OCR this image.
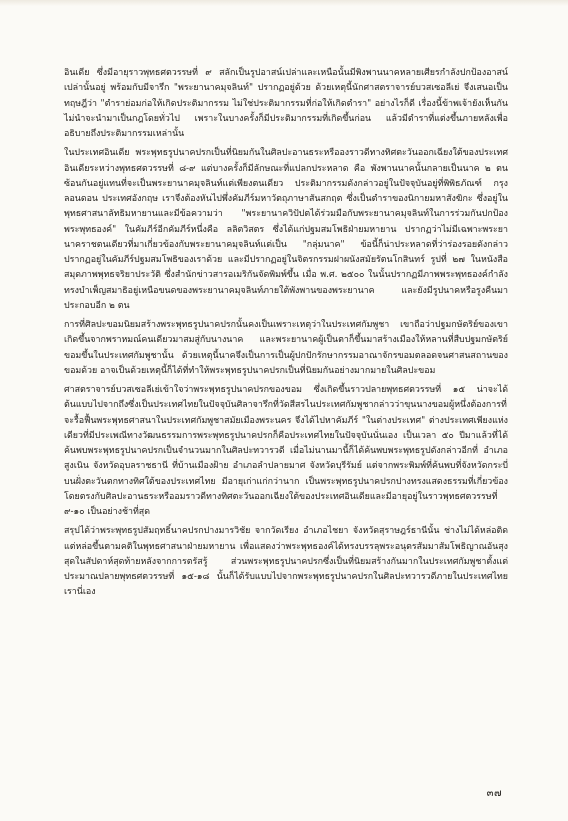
อินเดีย ซึ่งมีอายุราวพุทธศตวรรษที่ ๙ สลักเป็นรูปอาสน์เปล่าและเหนือนั้นมีพิงพานนาคหลายเศียรกำลังปกป้องอาสน์เปล่านั้นอยู่ พร้อมกับมีจารึก "พระยานาคมุจลินท์" ปรากฏอยู่ด้วย ด้วยเหตุนี้นักศาสตราจารย์บวสเซอลีเย่ จึงเสนอเป็นทฤษฎีว่า "ตำราย่อมก่อให้เกิดประติมากรรม ไม่ใช่ประติมากรรมที่ก่อให้เกิดตำรา" อย่างไรก็ดี เรื่องนี้ข้าพเจ้ายังเห็นกันไม่นำจะนำมาเป็นกฎโดยทั่วไป เพราะในบางครั้งก็มีประติมากรรมที่เกิดขึ้นก่อน แล้วมีตำราที่แต่งขึ้นภายหลังเพื่ออธิบายถึงประติมากรรมเหล่านั้น

ในประเทศอินเดีย พระพุทธรูปนาคปรกเป็นที่นิยมกันในศิลปะอานธระหรือองราวดีทางทิศตะวันออกเฉียงใต้ของประเทศอินเดียระหว่างพุทธศตวรรษที่ ๘-๙ แต่บางครั้งก็มีลักษณะที่แปลกประหลาด คือ พังพานนาคนั้นกลายเป็นนาค ๒ ตนซ้อนกันอยู่แทนที่จะเป็นพระยานาคมุจลินท์แต่เพียงตนเดียว ประติมากรรมดังกล่าวอยู่ในปัจจุบันอยู่ที่พิพิธภัณฑ์ กรุงลอนดอน ประเทศอังกฤษ เราจึงต้องหันไปพึ่งคัมภีร์มหาวัตถุภาษาสันสกฤต ซึ่งเป็นตำราของนิกายมหาสังฆิกะ ซึ่งอยู่ในพุทธศาสนาลัทธิมหายานและมีข้อความว่า "พระยานาควิปัปตได้ร่วมมือกับพระยานาคมุจลินท์ในการร่วมกันปกป้องพระพุทธองค์" ในคัมภีร์อีกคัมภีร์หนึ่งคือ ลลิตวิสตร ซึ่งได้แก่ปฐมสมโพธิฝ่ายมหายาน ปรากฏว่าไม่มีเฉพาะพระยานาคราชตนเดียวที่มาเกี่ยวข้องกับพระยานาคมุจลินท์แต่เป็น "กลุ่มนาค" ข้อนี้ก็น่าประหลาดที่ว่าร่องรอยดังกล่าวปรากฏอยู่ในคัมภีร์ปฐมสมโพธิของเราด้วย และมีปรากฏอยู่ในจิตรกรรมฝาผนังสมัยรัตนโกสินทร์ รูปที่ ๒๗ ในหนังสือสมุดภาพพุทธจริยาประวัติ ซึ่งสำนักข่าวสารอเมริกันจัดพิมพ์ขึ้น เมื่อ พ.ศ. ๒๕๐๐ ในนั้นปรากฏมีภาพพระพุทธองค์กำลังทรงบำเพ็ญสมาธิอยู่เหนือขนดของพระยานาคมุจลินท์ภายใต้พังพานของพระยานาค และยังมีรูปนาคหรือรูงคืนมาประกอบอีก ๒ ตน

การที่ศิลปะขอมนิยมสร้างพระพุทธรูปนาคปรกนั้นคงเป็นเพราะเหตุว่าในประเทศกัมพูชา เขาถือว่าปฐมกษัตริย์ของเขาเกิดขึ้นจากพราหมณ์คนเดียวมาสมสู่กับนางนาค และพระยานาคผู้เป็นตาก็ขึ้นมาสร้างเมืองให้หลานที่สืบปฐมกษัตริย์ขอมขึ้นในประเทศกัมพูชานั้น ด้วยเหตุนี้นาคจึงเป็นการเป็นผู้ปกปักรักษากรรมอาณาจักรขอมตลอดจนศาสนสถานของขอมด้วย อาจเป็นด้วยเหตุนี้ก็ได้ที่ทำให้พระพุทธรูปนาคปรกเป็นที่นิยมกันอย่างมากมายในศิลปะขอม

ศาสตราจารย์บวสเซอลีเย่เข้าใจว่าพระพุทธรูปนาคปรกของขอม ซึ่งเกิดขึ้นราวปลายพุทธศตวรรษที่ ๑๕ น่าจะได้ต้นแบบไปจากถึงซึ่งเป็นประเทศไทยในปัจจุบันศิลาจารึกที่วัดสีสรไนประเทศกัมพูชากล่าวว่าขุนนางขอมผู้หนึ่งต้องการที่จะรื้อฟื้นพระพุทธศาสนาในประเทศกัมพูชาสมัยเมืองพระนคร จึงได้ไปหาคัมภีร์ "ในต่างประเทศ" ต่างประเทศเพียงแห่งเดียวที่มีประเพณีทางวัฒนธรรมการพระพุทธรูปนาคปรกก็คือประเทศไทยในปัจจุบันนั่นเอง เป็นเวลา ๕๐ ปีมาแล้วที่ได้ค้นพบพระพุทธรูปนาคปรกเป็นจำนวนมากในศิลปะทวารวดี เมื่อไม่นานมานี้ก็ได้ค้นพบพระพุทธรูปดังกล่าวอีกที่ อำเภอสูงเนิน จังหวัดอุบลราชธานี ที่บ้านเมืองฝ้าย อำเภอลำปลายมาศ จังหวัดบุรีรัมย์ แต่จากพระพิมพ์ที่ค้นพบที่จังหวัดกระบี่บนฝั่งตะวันตกทางทิศใต้ของประเทศไทย มีอายุเก่าแก่กว่านาก เป็นพระพุทธรูปนาคปรกปางทรงแสดงธรรมที่เกี่ยวข้องโดยตรงกับศิลปะอานธระหรืออมราวดีทางทิศตะวันออกเฉียงใต้ของประเทศอินเดียและมีอายุอยู่ในราวพุทธศตวรรษที่ ๙-๑๐ เป็นอย่างช้าที่สุด

สรุปได้ว่าพระพุทธรูปสัมฤทธิ์นาคปรกปางมารวิชัย จากวัดเรียง อำเภอไชยา จังหวัดสุราษฎร์ธานีนั้น ช่างไม่ได้หล่อติด แต่หล่อขึ้นตามคติในพุทธศาสนาฝ่ายมหายาน เพื่อแสดงว่าพระพุทธองค์ได้ทรงบรรลุพระอนุตรสัมมาสัมโพธิญาณอันสุงสุดในสัปดาห์สุดท้ายหลังจากการตรัสรู้ ส่วนพระพุทธรูปนาคปรกซึ่งเป็นที่นิยมสร้างกันมากในประเทศกัมพูชาตั้งแต่ประมาณปลายพุทธศตวรรษที่ ๑๕-๑๘ นั้นก็ได้รับแบบไปจากพระพุทธรูปนาคปรกในศิลปะทวารวดีภายในประเทศไทยเรานี่เอง

๓๗
